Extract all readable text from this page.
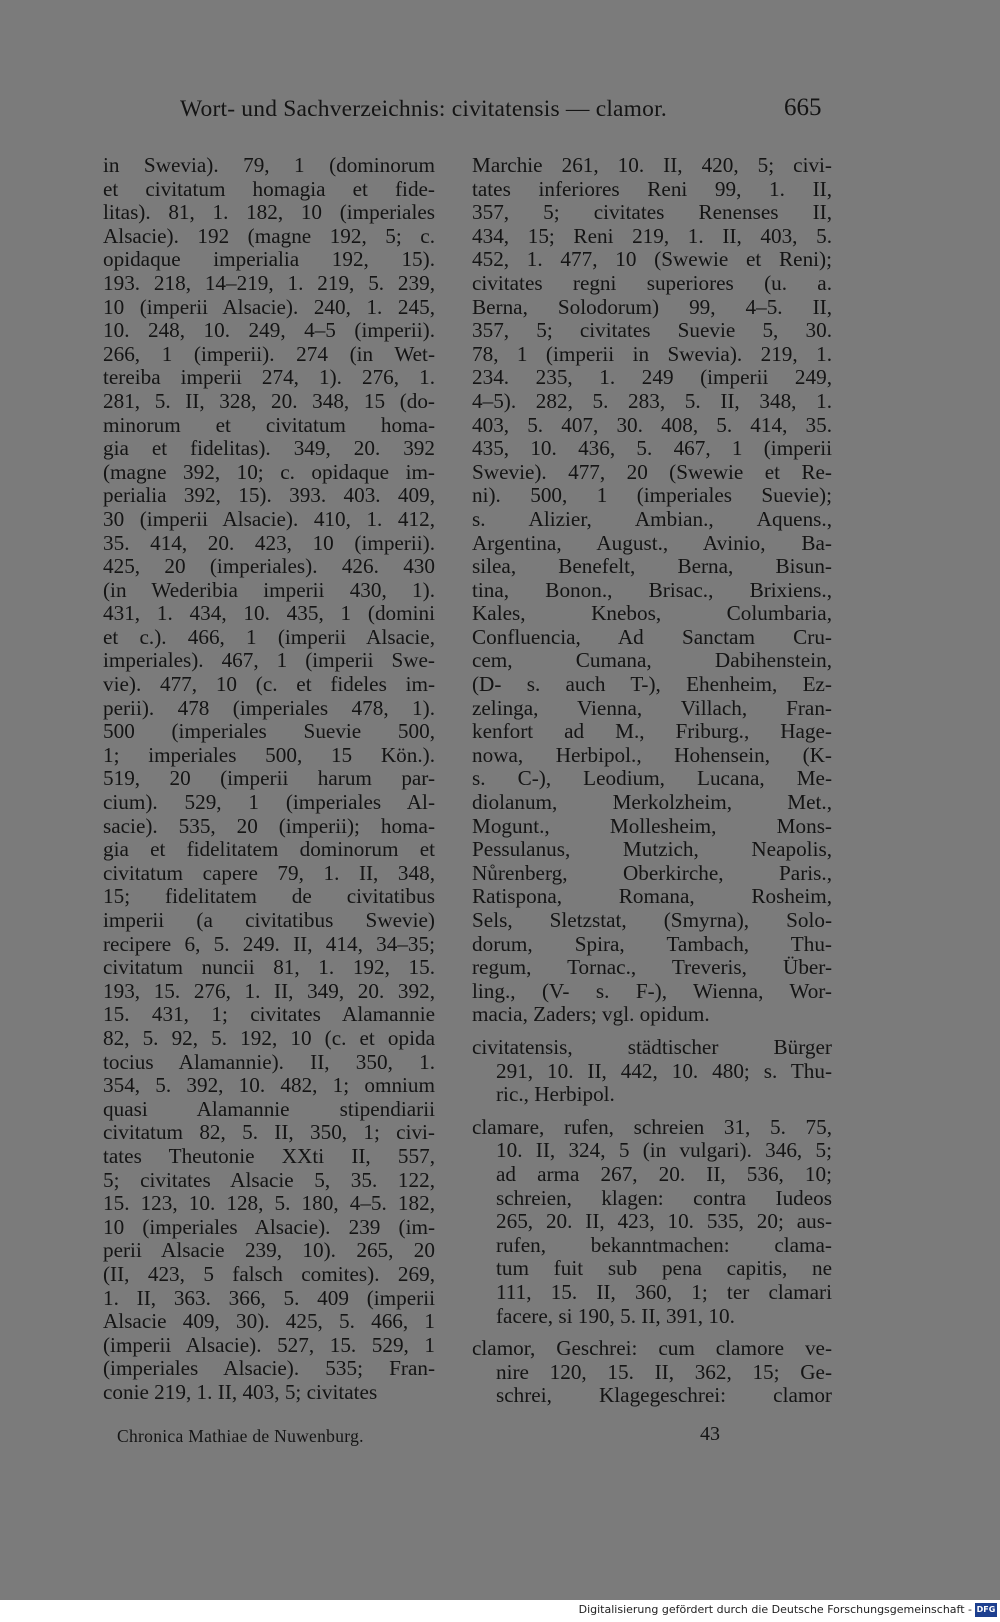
Wort- und Sachverzeichnis: civitatensis — clamor.	665
in Swevia). 79, 1 (dominorum
et civitatum homagia et fide-
litas). 81, 1. 182, 10 (imperiales
Alsacie). 192 (magne 192, 5; c.
opidaque imperialia 192, 15).
193. 218, 14–219, 1. 219, 5. 239,
10 (imperii Alsacie). 240, 1. 245,
10. 248, 10. 249, 4–5 (imperii).
266, 1 (imperii). 274 (in Wet-
tereiba imperii 274, 1). 276, 1.
281, 5. II, 328, 20. 348, 15 (do-
minorum et civitatum homa-
gia et fidelitas). 349, 20. 392
(magne 392, 10; c. opidaque im-
perialia 392, 15). 393. 403. 409,
30 (imperii Alsacie). 410, 1. 412,
35. 414, 20. 423, 10 (imperii).
425, 20 (imperiales). 426. 430
(in Wederibia imperii 430, 1).
431, 1. 434, 10. 435, 1 (domini
et c.). 466, 1 (imperii Alsacie,
imperiales). 467, 1 (imperii Swe-
vie). 477, 10 (c. et fideles im-
perii). 478 (imperiales 478, 1).
500 (imperiales Suevie 500,
1; imperiales 500, 15 Kön.).
519, 20 (imperii harum par-
cium). 529, 1 (imperiales Al-
sacie). 535, 20 (imperii); homa-
gia et fidelitatem dominorum et
civitatum capere 79, 1. II, 348,
15; fidelitatem de civitatibus
imperii (a civitatibus Swevie)
recipere 6, 5. 249. II, 414, 34–35;
civitatum nuncii 81, 1. 192, 15.
193, 15. 276, 1. II, 349, 20. 392,
15. 431, 1; civitates Alamannie
82, 5. 92, 5. 192, 10 (c. et opida
tocius Alamannie). II, 350, 1.
354, 5. 392, 10. 482, 1; omnium
quasi Alamannie stipendiarii
civitatum 82, 5. II, 350, 1; civi-
tates Theutonie XXti II, 557,
5; civitates Alsacie 5, 35. 122,
15. 123, 10. 128, 5. 180, 4–5. 182,
10 (imperiales Alsacie). 239 (im-
perii Alsacie 239, 10). 265, 20
(II, 423, 5 falsch comites). 269,
1. II, 363. 366, 5. 409 (imperii
Alsacie 409, 30). 425, 5. 466, 1
(imperii Alsacie). 527, 15. 529, 1
(imperiales Alsacie). 535; Fran-
conie 219, 1. II, 403, 5; civitates
Marchie 261, 10. II, 420, 5; civi-
tates inferiores Reni 99, 1. II,
357, 5; civitates Renenses II,
434, 15; Reni 219, 1. II, 403, 5.
452, 1. 477, 10 (Swewie et Reni);
civitates regni superiores (u. a.
Berna, Solodorum) 99, 4–5. II,
357, 5; civitates Suevie 5, 30.
78, 1 (imperii in Swevia). 219, 1.
234. 235, 1. 249 (imperii 249,
4–5). 282, 5. 283, 5. II, 348, 1.
403, 5. 407, 30. 408, 5. 414, 35.
435, 10. 436, 5. 467, 1 (imperii
Swevie). 477, 20 (Swewie et Re-
ni). 500, 1 (imperiales Suevie);
s. Alizier, Ambian., Aquens.,
Argentina, August., Avinio, Ba-
silea, Benefelt, Berna, Bisun-
tina, Bonon., Brisac., Brixiens.,
Kales, Knebos, Columbaria,
Confluencia, Ad Sanctam Cru-
cem, Cumana, Dabihenstein,
(D- s. auch T-), Ehenheim, Ez-
zelinga, Vienna, Villach, Fran-
kenfort ad M., Friburg., Hage-
nowa, Herbipol., Hohensein, (K-
s. C-), Leodium, Lucana, Me-
diolanum, Merkolzheim, Met.,
Mogunt., Mollesheim, Mons-
Pessulanus, Mutzich, Neapolis,
Nůrenberg, Oberkirche, Paris.,
Ratispona, Romana, Rosheim,
Sels, Sletzstat, (Smyrna), Solo-
dorum, Spira, Tambach, Thu-
regum, Tornac., Treveris, Über-
ling., (V- s. F-), Wienna, Wor-
macia, Zaders; vgl. opidum.
civitatensis, städtischer Bürger
291, 10. II, 442, 10. 480; s. Thu-
ric., Herbipol.
clamare, rufen, schreien 31, 5. 75,
10. II, 324, 5 (in vulgari). 346, 5;
ad arma 267, 20. II, 536, 10;
schreien, klagen: contra Iudeos
265, 20. II, 423, 10. 535, 20; aus-
rufen, bekanntmachen: clama-
tum fuit sub pena capitis, ne
111, 15. II, 360, 1; ter clamari
facere, si 190, 5. II, 391, 10.
clamor, Geschrei: cum clamore ve-
nire 120, 15. II, 362, 15; Ge-
schrei, Klagegeschrei: clamor
Chronica Mathiae de Nuwenburg.	43
Digitalisierung gefördert durch die Deutsche Forschungsgemeinschaft - DFG
